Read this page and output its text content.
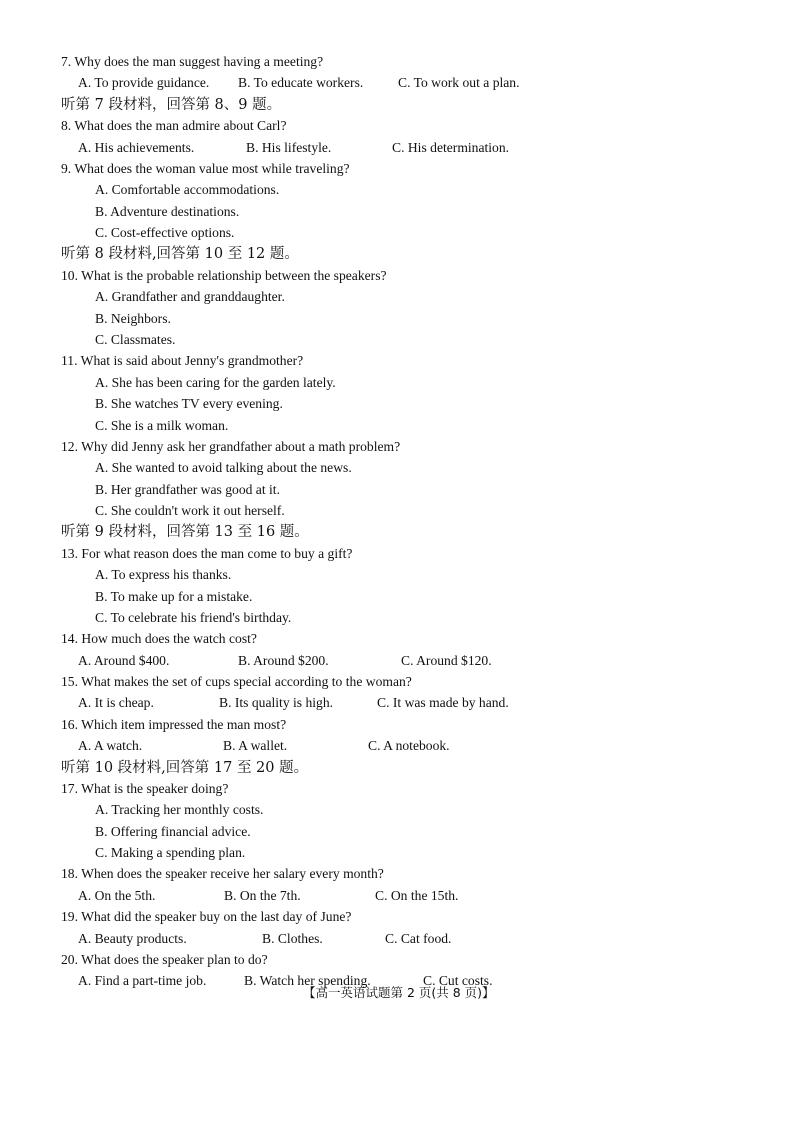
7. Why does the man suggest having a meeting?
A. To provide guidance. B. To educate workers.	C. To work out a plan.
听第 7 段材料，回答第 8、9 题。
8. What does the man admire about Carl?
A. His achievements.	B. His lifestyle.	C. His determination.
9. What does the woman value most while traveling?
A. Comfortable accommodations.
B. Adventure destinations.
C. Cost-effective options.
听第 8 段材料,回答第 10 至 12 题。
10. What is the probable relationship between the speakers?
A. Grandfather and granddaughter.
B. Neighbors.
C. Classmates.
11. What is said about Jenny's grandmother?
A. She has been caring for the garden lately.
B. She watches TV every evening.
C. She is a milk woman.
12. Why did Jenny ask her grandfather about a math problem?
A. She wanted to avoid talking about the news.
B. Her grandfather was good at it.
C. She couldn't work it out herself.
听第 9 段材料，回答第 13 至 16 题。
13. For what reason does the man come to buy a gift?
A. To express his thanks.
B. To make up for a mistake.
C. To celebrate his friend's birthday.
14. How much does the watch cost?
A. Around $400.	B. Around $200.	C. Around $120.
15. What makes the set of cups special according to the woman?
A. It is cheap.	B. Its quality is high.	C. It was made by hand.
16. Which item impressed the man most?
A. A watch.	B. A wallet.	C. A notebook.
听第 10 段材料,回答第 17 至 20 题。
17. What is the speaker doing?
A. Tracking her monthly costs.
B. Offering financial advice.
C. Making a spending plan.
18. When does the speaker receive her salary every month?
A. On the 5th.	B. On the 7th.	C. On the 15th.
19. What did the speaker buy on the last day of June?
A. Beauty products.	B. Clothes.	C. Cat food.
20. What does the speaker plan to do?
A. Find a part-time job.	B. Watch her spending.	C. Cut costs.
【高一英语试题第 2 页(共 8 页)】
